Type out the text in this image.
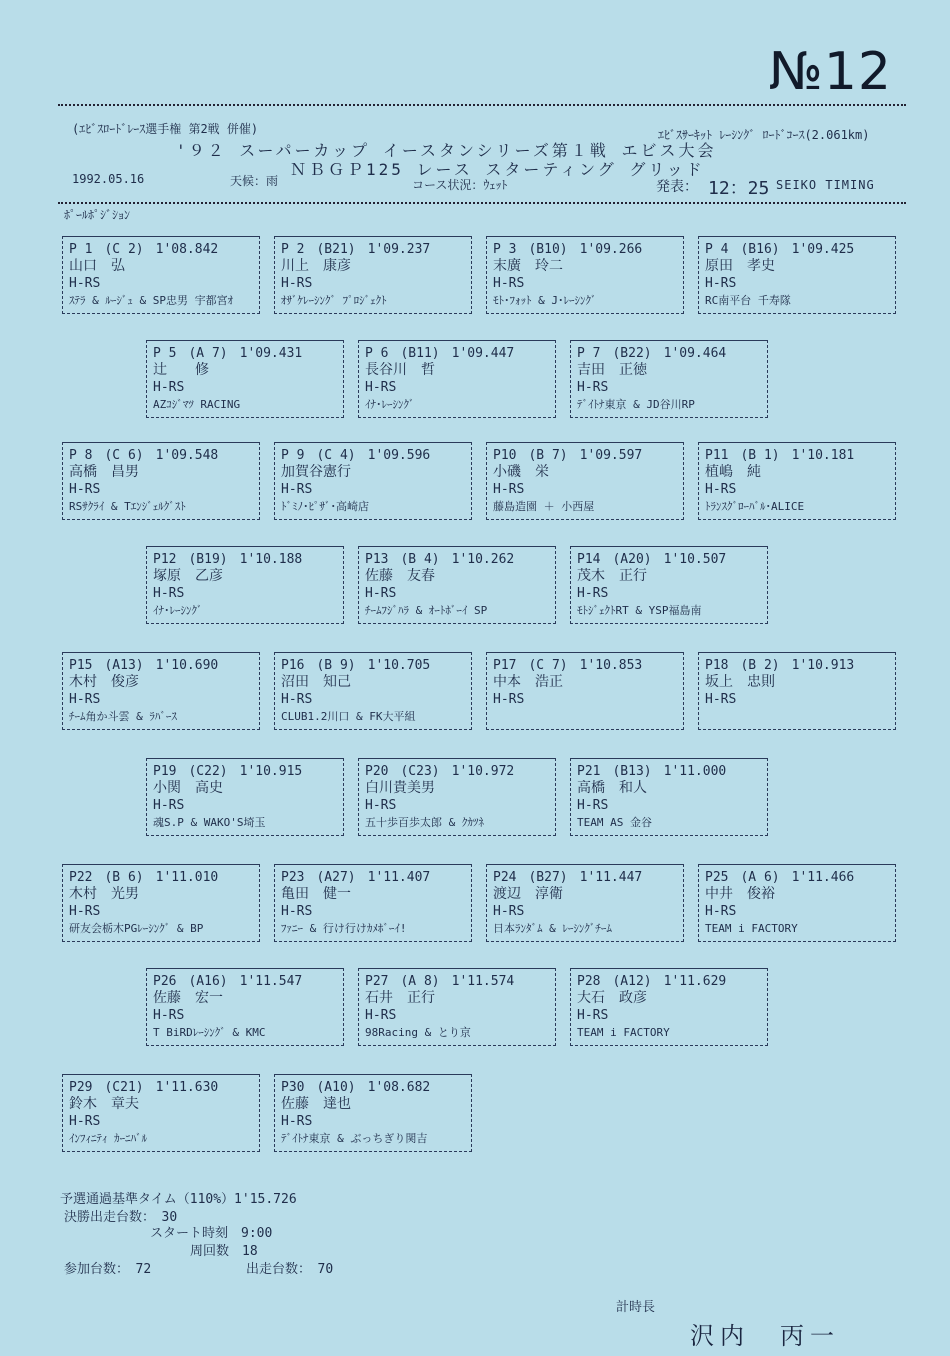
№12
(ｴﾋﾞｽﾛｰﾄﾞﾚｰｽ選手権 第2戦 併催)	ｴﾋﾞｽｻｰｷｯﾄ ﾚｰｼﾝｸﾞ ﾛｰﾄﾞｺｰｽ(2.061km)
'９２ スーパーカップ イースタンシリーズ第１戦 エビス大会
ＮＢＧＰ125 レース スターティング グリッド
1992.05.16	天候：雨	コース状況：ｳｪｯﾄ	発表： 12：25 SEIKO TIMING
ﾎﾟｰﾙﾎﾟｼﾞｼｮﾝ
P 1 (C 2) 1'08.842
山口　弘
H-RS
ｽﾃﾗ & ﾙｰｼﾞｭ & SP忠男 宇都宮ｵ
P 2 (B21) 1'09.237
川上　康彦
H-RS
ｵｻﾞｹﾚｰｼﾝｸﾞ ﾌﾟﾛｼﾞｪｸﾄ
P 3 (B10) 1'09.266
末廣　玲二
H-RS
ﾓﾄ･ﾌｫｯﾄ & J･ﾚｰｼﾝｸﾞ
P 4 (B16) 1'09.425
原田　孝史
H-RS
RC南平台 千寿隊
P 5 (A 7) 1'09.431
辻　　修
H-RS
AZｺｼﾞﾏﾂ RACING
P 6 (B11) 1'09.447
長谷川　哲
H-RS
ｲﾅ･ﾚｰｼﾝｸﾞ
P 7 (B22) 1'09.464
吉田　正徳
H-RS
ﾃﾞｲﾄﾅ東京 & JD谷川RP
P 8 (C 6) 1'09.548
高橋　昌男
H-RS
RSｻｸﾗｲ & Tｴﾝｼﾞｪﾙｸﾞｽﾄ
P 9 (C 4) 1'09.596
加賀谷憲行
H-RS
ﾄﾞﾐﾉ･ﾋﾟｻﾞ･高崎店
P10 (B 7) 1'09.597
小磯　栄
H-RS
藤島造園 ＋ 小西屋
P11 (B 1) 1'10.181
植嶋　純
H-RS
ﾄﾗﾝｽｸﾞﾛｰﾊﾞﾙ･ALICE
P12 (B19) 1'10.188
塚原　乙彦
H-RS
ｲﾅ･ﾚｰｼﾝｸﾞ
P13 (B 4) 1'10.262
佐藤　友春
H-RS
ﾁｰﾑﾌｼﾞﾊﾗ & ｵｰﾄﾎﾞｰｲ SP
P14 (A20) 1'10.507
茂木　正行
H-RS
ﾓﾄｼﾞｪｸﾄRT & YSP福島南
P15 (A13) 1'10.690
木村　俊彦
H-RS
ﾁｰﾑ角か斗雲 & ﾗﾊﾞｰｽ
P16 (B 9) 1'10.705
沼田　知己
H-RS
CLUB1.2川口 & FK大平組
P17 (C 7) 1'10.853
中本　浩正
H-RS
P18 (B 2) 1'10.913
坂上　忠則
H-RS
P19 (C22) 1'10.915
小関　高史
H-RS
魂S.P & WAKO'S埼玉
P20 (C23) 1'10.972
白川貴美男
H-RS
五十歩百歩太郎 & ｸｶﾂﾈ
P21 (B13) 1'11.000
高橋　和人
H-RS
TEAM AS 金谷
P22 (B 6) 1'11.010
木村　光男
H-RS
研友会栃木PGﾚｰｼﾝｸﾞ & BP
P23 (A27) 1'11.407
亀田　健一
H-RS
ﾌｧﾆｰ & 行け行けｶﾒﾎﾞｰｲ!
P24 (B27) 1'11.447
渡辺　淳衛
H-RS
日本ﾗﾝﾀﾞﾑ & ﾚｰｼﾝｸﾞﾁｰﾑ
P25 (A 6) 1'11.466
中井　俊裕
H-RS
TEAM i FACTORY
P26 (A16) 1'11.547
佐藤　宏一
H-RS
T BiRDﾚｰｼﾝｸﾞ & KMC
P27 (A 8) 1'11.574
石井　正行
H-RS
98Racing & とり京
P28 (A12) 1'11.629
大石　政彦
H-RS
TEAM i FACTORY
P29 (C21) 1'11.630
鈴木　章夫
H-RS
ｲﾝﾌｨﾆﾃｨ ｶｰﾆﾊﾞﾙ
P30 (A10) 1'08.682
佐藤　達也
H-RS
ﾃﾞｲﾄﾅ東京 & ぶっちぎり関吉
予選通過基準タイム（110%）1'15.726
決勝出走台数：　30
スタート時刻　9:00
周回数　18
参加台数：　72	出走台数：　70
計時長
沢内　丙一
